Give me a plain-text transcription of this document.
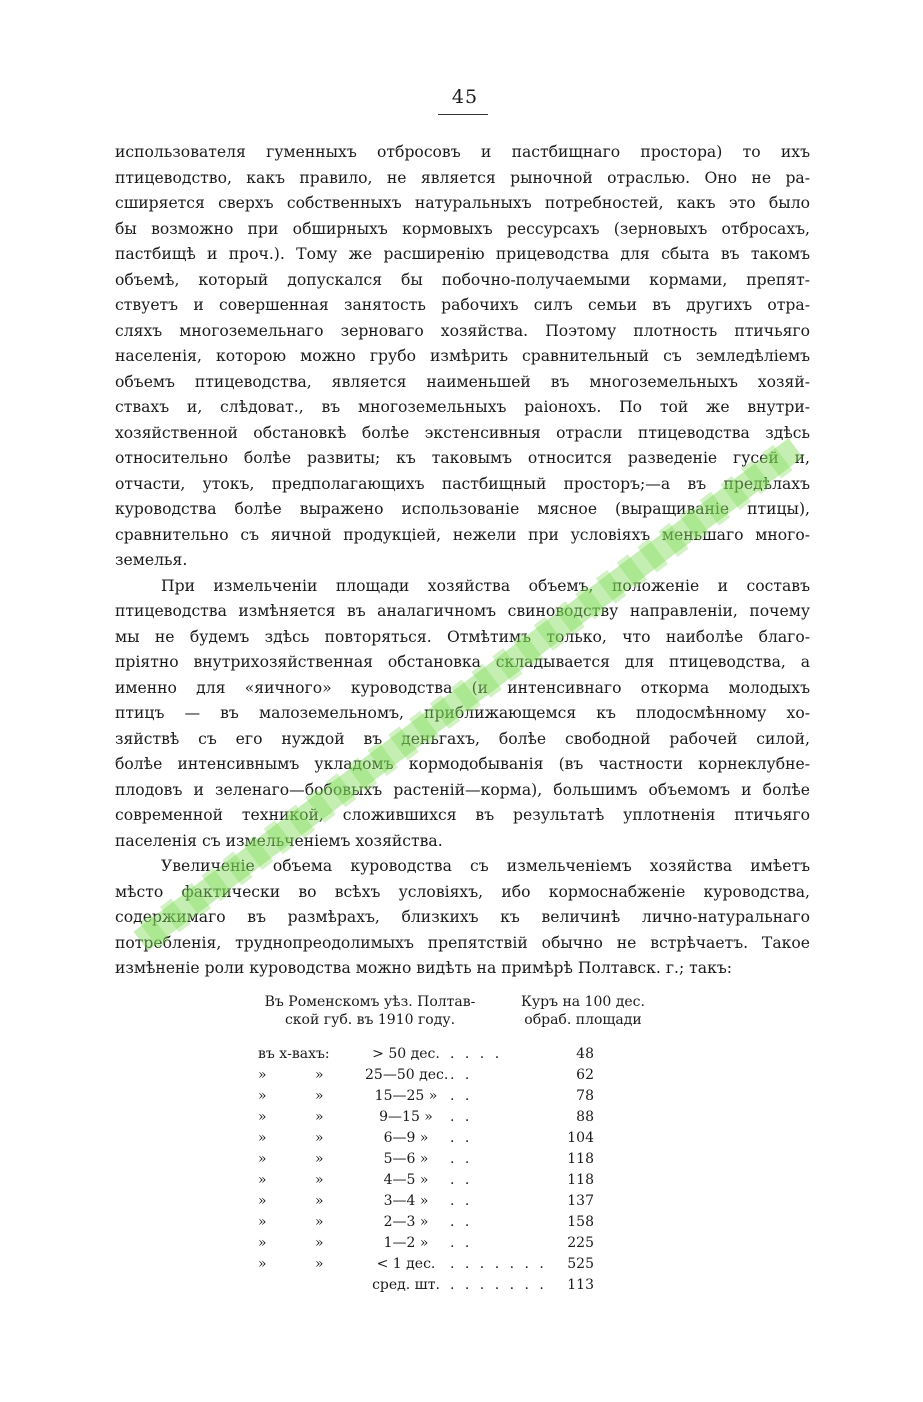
45
использователя гуменныхъ отбросовъ и пастбищнаго простора) то ихъ
птицеводство, какъ правило, не является рыночной отраслью. Оно не ра-
сширяется сверхъ собственныхъ натуральныхъ потребностей, какъ это было
бы возможно при обширныхъ кормовыхъ рессурсахъ (зерновыхъ отбросахъ,
пастбищѣ и проч.). Тому же расширенію прицеводства для сбыта въ такомъ
объемѣ, который допускался бы побочно-получаемыми кормами, препят-
ствуетъ и совершенная занятость рабочихъ силъ семьи въ другихъ отра-
сляхъ многоземельнаго зерноваго хозяйства. Поэтому плотность птичьяго
населенія, которою можно грубо измѣрить сравнительный съ земледѣліемъ
объемъ птицеводства, является наименьшей въ многоземельныхъ хозяй-
ствахъ и, слѣдоват., въ многоземельныхъ раіонохъ. По той же внутри-
хозяйственной обстановкѣ болѣе экстенсивныя отрасли птицеводства здѣсь
относительно болѣе развиты; къ таковымъ относится разведеніе гусей и,
отчасти, утокъ, предполагающихъ пастбищный просторъ;—а въ предѣлахъ
куроводства болѣе выражено использованіе мясное (выращиваніе птицы),
сравнительно съ яичной продукціей, нежели при условіяхъ меньшаго много-
земелья.
При измельченіи площади хозяйства объемъ, положеніе и составъ
птицеводства измѣняется въ аналагичномъ свиноводству направленіи, почему
мы не будемъ здѣсь повторяться. Отмѣтимъ только, что наиболѣе благо-
пріятно внутрихозяйственная обстановка складывается для птицеводства, а
именно для «яичного» куроводства (и интенсивнаго откорма молодыхъ
птицъ — въ малоземельномъ, приближающемся къ плодосмѣнному хо-
зяйствѣ съ его нуждой въ деньгахъ, болѣе свободной рабочей силой,
болѣе интенсивнымъ укладомъ кормодобыванія (въ частности корнеклубне-
плодовъ и зеленаго—бобовыхъ растеній—корма), большимъ объемомъ и болѣе
современной техникой, сложившихся въ результатѣ уплотненія птичьяго
паселенія съ измельченіемъ хозяйства.
Увеличеніе объема куроводства съ измельченіемъ хозяйства имѣетъ
мѣсто фактически во всѣхъ условіяхъ, ибо кормоснабженіе куроводства,
содержимаго въ размѣрахъ, близкихъ къ величинѣ лично-натуральнаго
потребленія, труднопреодолимыхъ препятствій обычно не встрѣчаетъ. Такое
измѣненіе роли куроводства можно видѣть на примѣрѣ Полтавск. г.; такъ:
Въ Роменскомъ уѣз. Полтав-
ской губ. въ 1910 году.
Куръ на 100 дес.
обраб. площади
въ х-вахъ:	> 50 дес. . . . .	48
»	»	25—50 дес. . .	62
»	»	15—25 » . .	78
»	»	9—15 »	. .	88
»	»	6—9 »	. .	104
»	»	5—6 »	. .	118
»	»	4—5 »	. .	118
»	»	3—4 »	. .	137
»	»	2—3 »	. .	158
»	»	1—2 »	. .	225
»	»	< 1 дес.	. . . . . . .	525
сред. шт. . . . . . . .	113
